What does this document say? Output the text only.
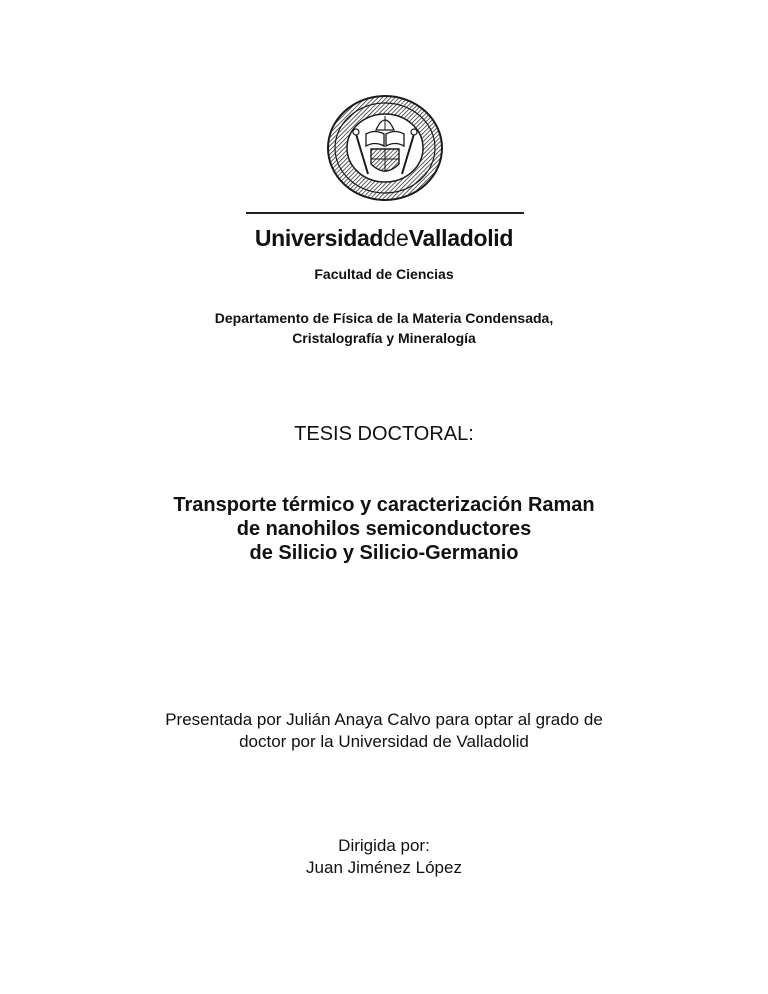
UniversidaddeValladolid
Facultad de Ciencias
Departamento de Física de la Materia Condensada,
Cristalografía y Mineralogía
TESIS DOCTORAL:
Transporte térmico y caracterización Raman
de nanohilos semiconductores
de Silicio y Silicio-Germanio
Presentada por Julián Anaya Calvo para optar al grado de
doctor por la Universidad de Valladolid
Dirigida por:
Juan Jiménez López
